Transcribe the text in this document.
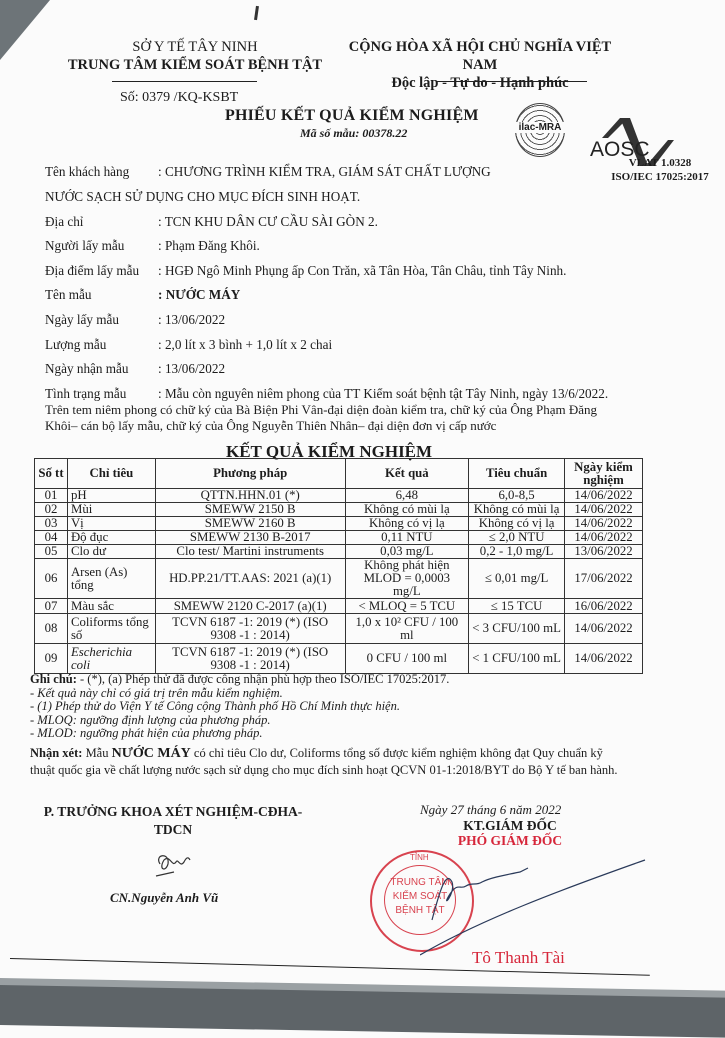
SỞ Y TẾ TÂY NINH
TRUNG TÂM KIỂM SOÁT BỆNH TẬT
CỘNG HÒA XÃ HỘI CHỦ NGHĨA VIỆT NAM
Độc lập - Tự do - Hạnh phúc
Số: 0379 /KQ-KSBT
PHIẾU KẾT QUẢ KIỂM NGHIỆM
Mã số mẫu: 00378.22	ilac-MRA
AOSC
VLAT 1.0328
ISO/IEC 17025:2017
Tên khách hàng : CHƯƠNG TRÌNH KIỂM TRA, GIÁM SÁT CHẤT LƯỢNG
NƯỚC SẠCH SỬ DỤNG CHO MỤC ĐÍCH SINH HOẠT.
Địa chỉ	: TCN KHU DÂN CƯ CẦU SÀI GÒN 2.
Người lấy mẫu	: Phạm Đăng Khôi.
Địa điểm lấy mẫu : HGĐ Ngô Minh Phụng ấp Con Trăn, xã Tân Hòa, Tân Châu, tỉnh Tây Ninh.
Tên mẫu	: NƯỚC MÁY
Ngày lấy mẫu	: 13/06/2022
Lượng mẫu	: 2,0 lít x 3 bình + 1,0 lít x 2 chai
Ngày nhận mẫu : 13/06/2022
Tình trạng mẫu : Mẫu còn nguyên niêm phong của TT Kiểm soát bệnh tật Tây Ninh, ngày 13/6/2022.
Trên tem niêm phong có chữ ký của Bà Biện Phi Vân-đại diện đoàn kiểm tra, chữ ký của Ông Phạm Đăng
Khôi– cán bộ lấy mẫu, chữ ký của Ông Nguyễn Thiên Nhân– đại diện đơn vị cấp nước
KẾT QUẢ KIỂM NGHIỆM
Số tt	Chỉ tiêu	Phương pháp	Kết quả	Tiêu chuẩn	Ngày kiểm nghiệm
01	pH	QTTN.HHN.01 (*)	6,48	6,0-8,5	14/06/2022
02	Mùi	SMEWW 2150 B	Không có mùi lạ	Không có mùi lạ	14/06/2022
03	Vị	SMEWW 2160 B	Không có vị lạ	Không có vị lạ	14/06/2022
04	Độ đục	SMEWW 2130 B-2017	0,11 NTU	≤ 2,0 NTU	14/06/2022
05	Clo dư	Clo test/ Martini instruments	0,03 mg/L	0,2 - 1,0 mg/L	13/06/2022
06	Arsen (As) tổng	HD.PP.21/TT.AAS: 2021 (a)(1)	Không phát hiện MLOD = 0,0003 mg/L	≤ 0,01 mg/L	17/06/2022
07	Màu sắc	SMEWW 2120 C-2017 (a)(1)	< MLOQ = 5 TCU	≤ 15 TCU	16/06/2022
08	Coliforms tổng số	TCVN 6187 -1: 2019 (*) (ISO 9308 -1 : 2014)	1,0 x 10² CFU / 100 ml	< 3 CFU/100 mL	14/06/2022
09	Escherichia coli	TCVN 6187 -1: 2019 (*) (ISO 9308 -1 : 2014)	0 CFU / 100 ml	< 1 CFU/100 mL	14/06/2022
Ghi chú: - (*), (a) Phép thử đã được công nhận phù hợp theo ISO/IEC 17025:2017.
- Kết quả này chỉ có giá trị trên mẫu kiểm nghiệm.
- (1) Phép thử do Viện Y tế Công cộng Thành phố Hồ Chí Minh thực hiện.
- MLOQ: ngưỡng định lượng của phương pháp.
- MLOD: ngưỡng phát hiện của phương pháp.
Nhận xét: Mẫu NƯỚC MÁY có chỉ tiêu Clo dư, Coliforms tổng số được kiểm nghiệm không đạt Quy chuẩn kỹ
thuật quốc gia về chất lượng nước sạch sử dụng cho mục đích sinh hoạt QCVN 01-1:2018/BYT do Bộ Y tế ban hành.
P. TRƯỞNG KHOA XÉT NGHIỆM-CĐHA-TDCN
CN.Nguyễn Anh Vũ
Ngày 27 tháng 6 năm 2022
KT.GIÁM ĐỐC
PHÓ GIÁM ĐỐC
TỈNH
TRUNG TÂM
KIỂM SOÁT
BỆNH TẬT
Tô Thanh Tài
